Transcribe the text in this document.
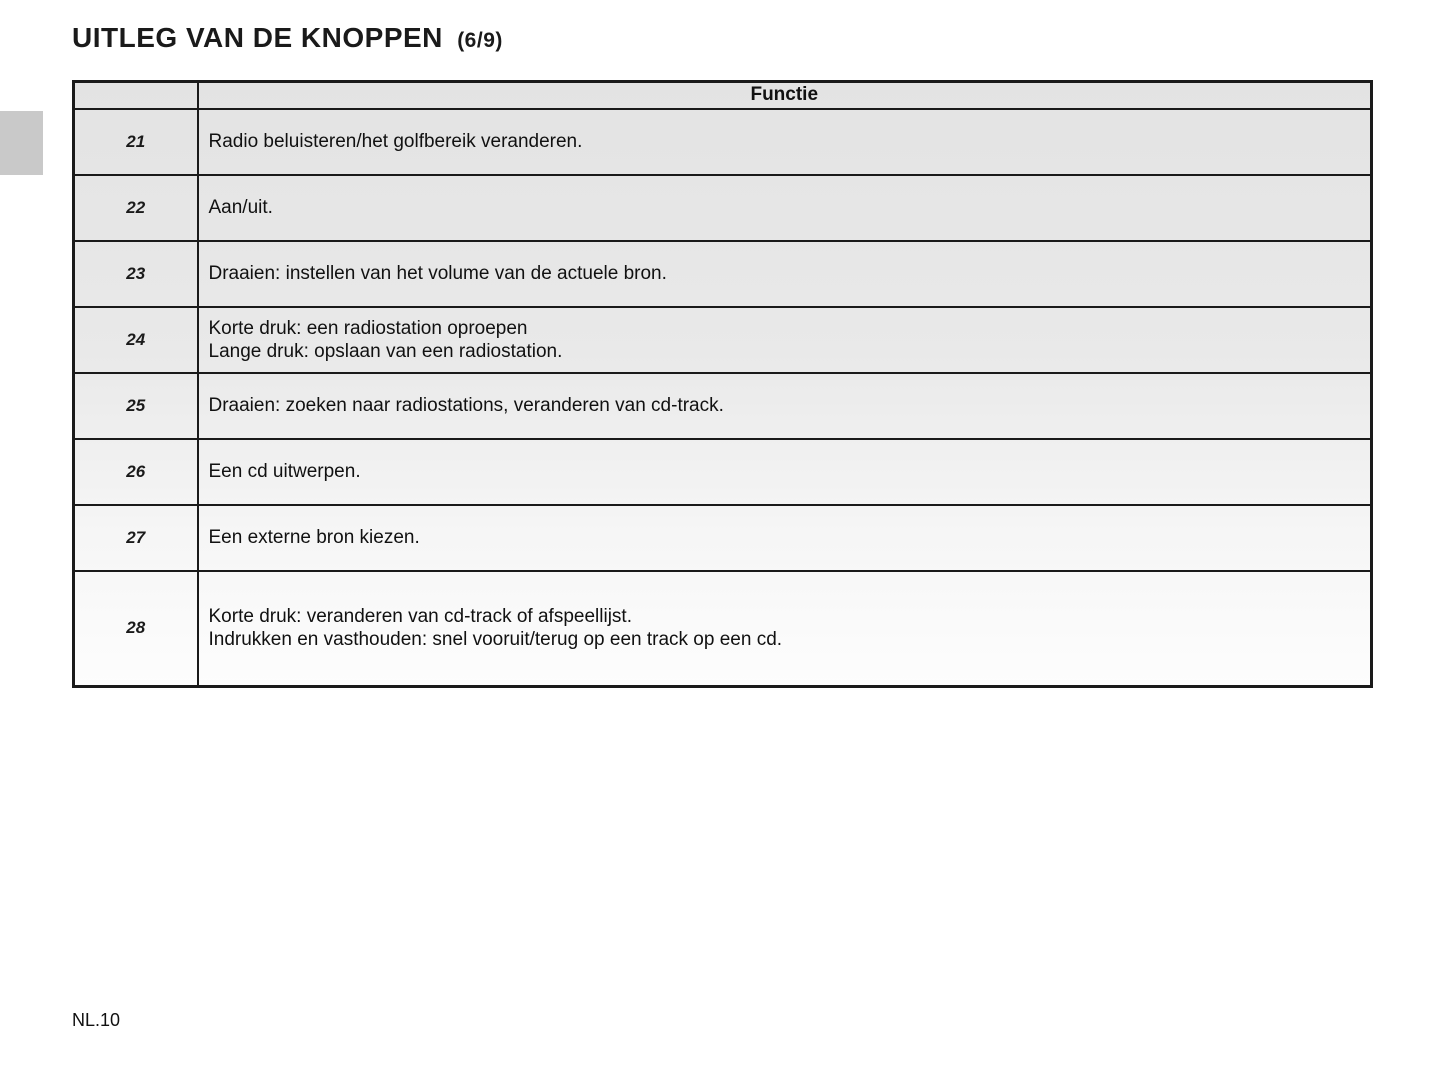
UITLEG VAN DE KNOPPEN (6/9)
	Functie
21	Radio beluisteren/het golfbereik veranderen.

22	Aan/uit.

23	Draaien: instellen van het volume van de actuele bron.

24	Korte druk: een radiostation oproepen
Lange druk: opslaan van een radiostation.

25	Draaien: zoeken naar radiostations, veranderen van cd-track.

26	Een cd uitwerpen.

27	Een externe bron kiezen.

28	Korte druk: veranderen van cd-track of afspeellijst.
Indrukken en vasthouden: snel vooruit/terug op een track op een cd.
NL.10
